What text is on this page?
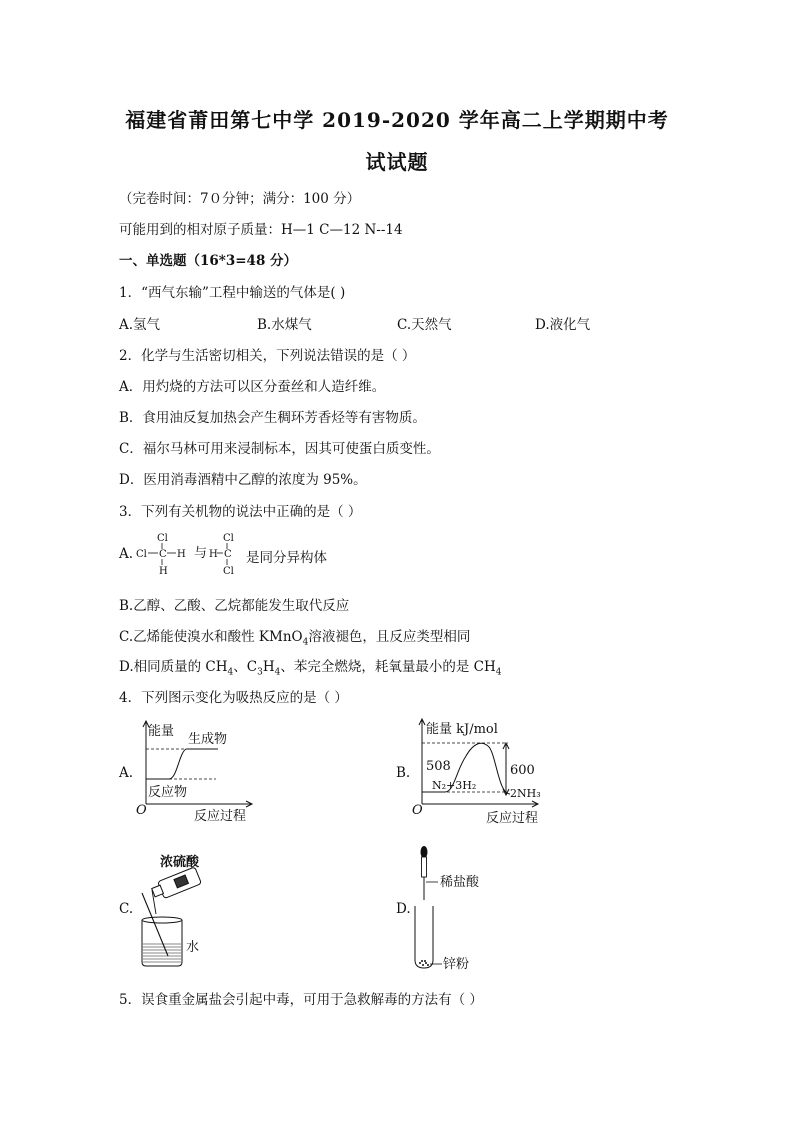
福建省莆田第七中学 2019-2020 学年高二上学期期中考
试试题
（完卷时间：7０分钟；满分：100 分）
可能用到的相对原子质量：H—1 C—12 N--14
一、单选题（16*3=48 分）
1．“西气东输”工程中输送的气体是( )
A.氢气	B.水煤气	C.天然气	D.液化气
2．化学与生活密切相关，下列说法错误的是（ ）
A．用灼烧的方法可以区分蚕丝和人造纤维。
B．食用油反复加热会产生稠环芳香烃等有害物质。
C．福尔马林可用来浸制标本，因其可使蛋白质变性。
D．医用消毒酒精中乙醇的浓度为 95%。
3．下列有关机物的说法中正确的是（ ）
A.
Cl
Cl C H
H
与 H C
Cl
Cl
是同分异构体
B.乙醇、乙酸、乙烷都能发生取代反应
C.乙烯能使溴水和酸性 KMnO$_4$溶液褪色，且反应类型相同
D.相同质量的 $CH_4$、$C_3H_4$、苯完全燃烧，耗氧量最小的是 $CH_4$
4．下列图示变化为吸热反应的是（ ）
A.
能量
生成物
反应物
O	反应过程
B.
能量 kJ/mol
508	600
N₂+3H₂
2NH₃
O
反应过程
C.
浓硫酸
水
D.
稀盐酸
锌粉
5．误食重金属盐会引起中毒，可用于急救解毒的方法有（ ）
